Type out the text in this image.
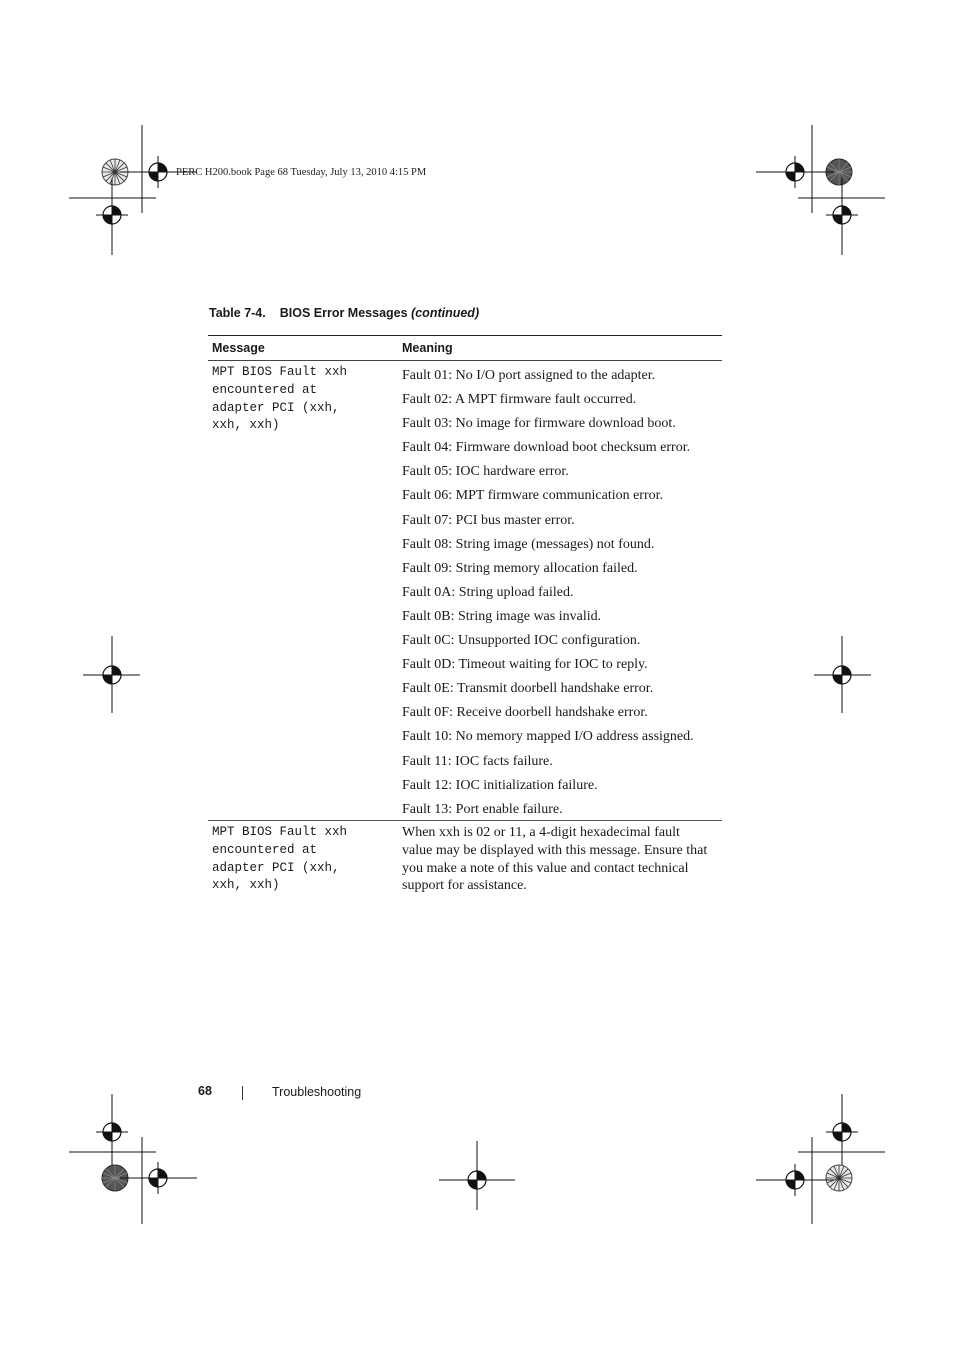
PERC H200.book Page 68 Tuesday, July 13, 2010 4:15 PM
Table 7-4. BIOS Error Messages (continued)
Message	Meaning
MPT BIOS Fault xxh
encountered at
adapter PCI (xxh,
xxh, xxh)
Fault 01: No I/O port assigned to the adapter.
Fault 02: A MPT firmware fault occurred.
Fault 03: No image for firmware download boot.
Fault 04: Firmware download boot checksum error.
Fault 05: IOC hardware error.
Fault 06: MPT firmware communication error.
Fault 07: PCI bus master error.
Fault 08: String image (messages) not found.
Fault 09: String memory allocation failed.
Fault 0A: String upload failed.
Fault 0B: String image was invalid.
Fault 0C: Unsupported IOC configuration.
Fault 0D: Timeout waiting for IOC to reply.
Fault 0E: Transmit doorbell handshake error.
Fault 0F: Receive doorbell handshake error.
Fault 10: No memory mapped I/O address assigned.
Fault 11: IOC facts failure.
Fault 12: IOC initialization failure.
Fault 13: Port enable failure.
MPT BIOS Fault xxh
encountered at
adapter PCI (xxh,
xxh, xxh)
When xxh is 02 or 11, a 4-digit hexadecimal fault value may be displayed with this message. Ensure that you make a note of this value and contact technical support for assistance.
68	Troubleshooting
